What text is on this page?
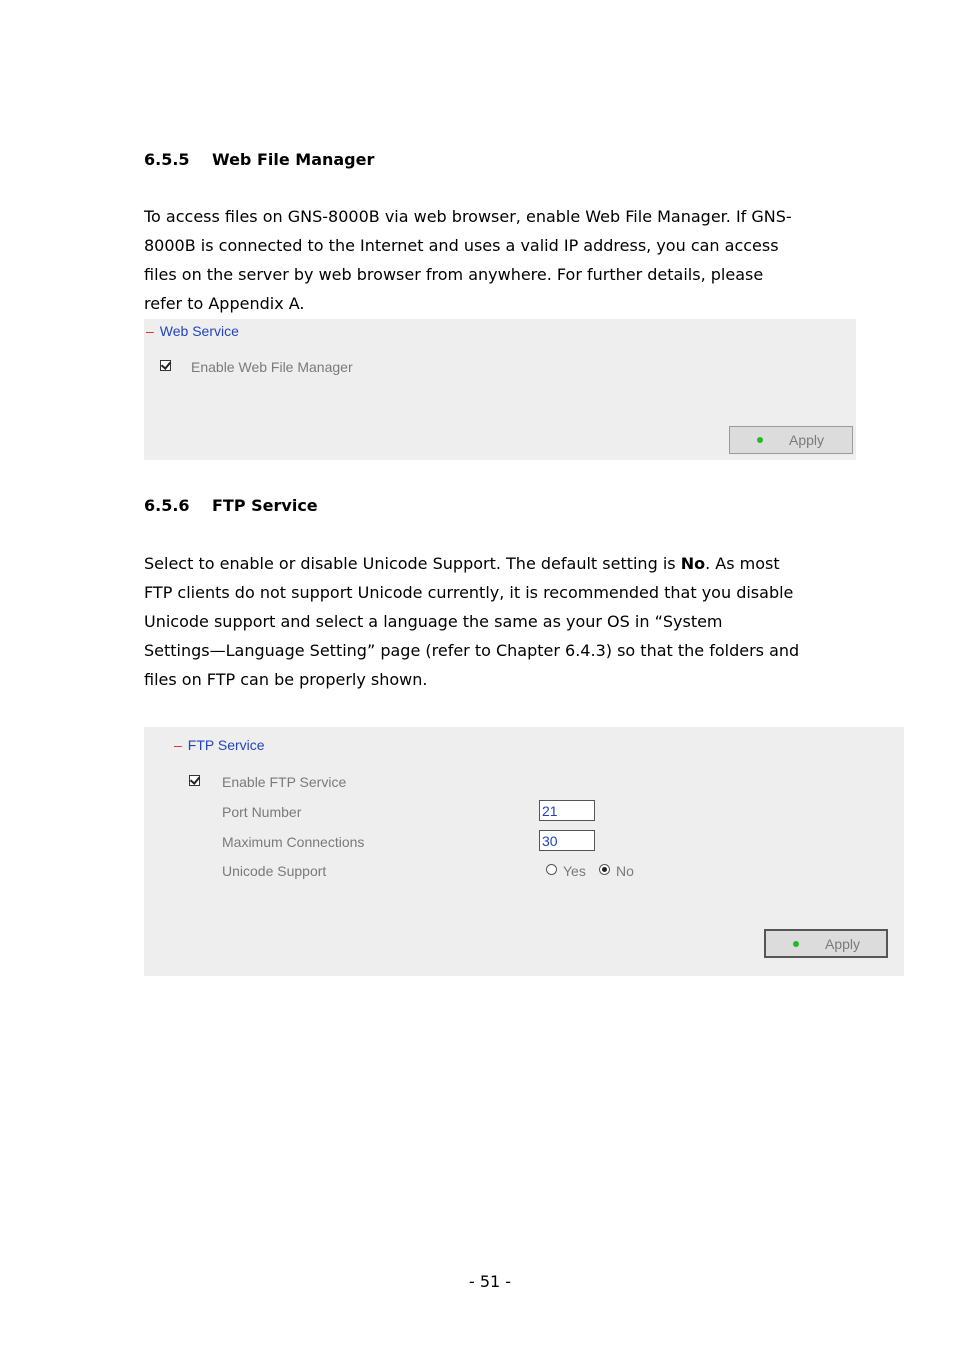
6.5.5 Web File Manager
To access files on GNS-8000B via web browser, enable Web File Manager. If GNS-
8000B is connected to the Internet and uses a valid IP address, you can access
files on the server by web browser from anywhere. For further details, please
refer to Appendix A.
– Web Service
Enable Web File Manager
Apply
6.5.6 FTP Service
Select to enable or disable Unicode Support. The default setting is No. As most
FTP clients do not support Unicode currently, it is recommended that you disable
Unicode support and select a language the same as your OS in “System
Settings—Language Setting” page (refer to Chapter 6.4.3) so that the folders and
files on FTP can be properly shown.
– FTP Service
Enable FTP Service
Port Number
21
Maximum Connections
30
Unicode Support	Yes No
Apply
- 51 -
